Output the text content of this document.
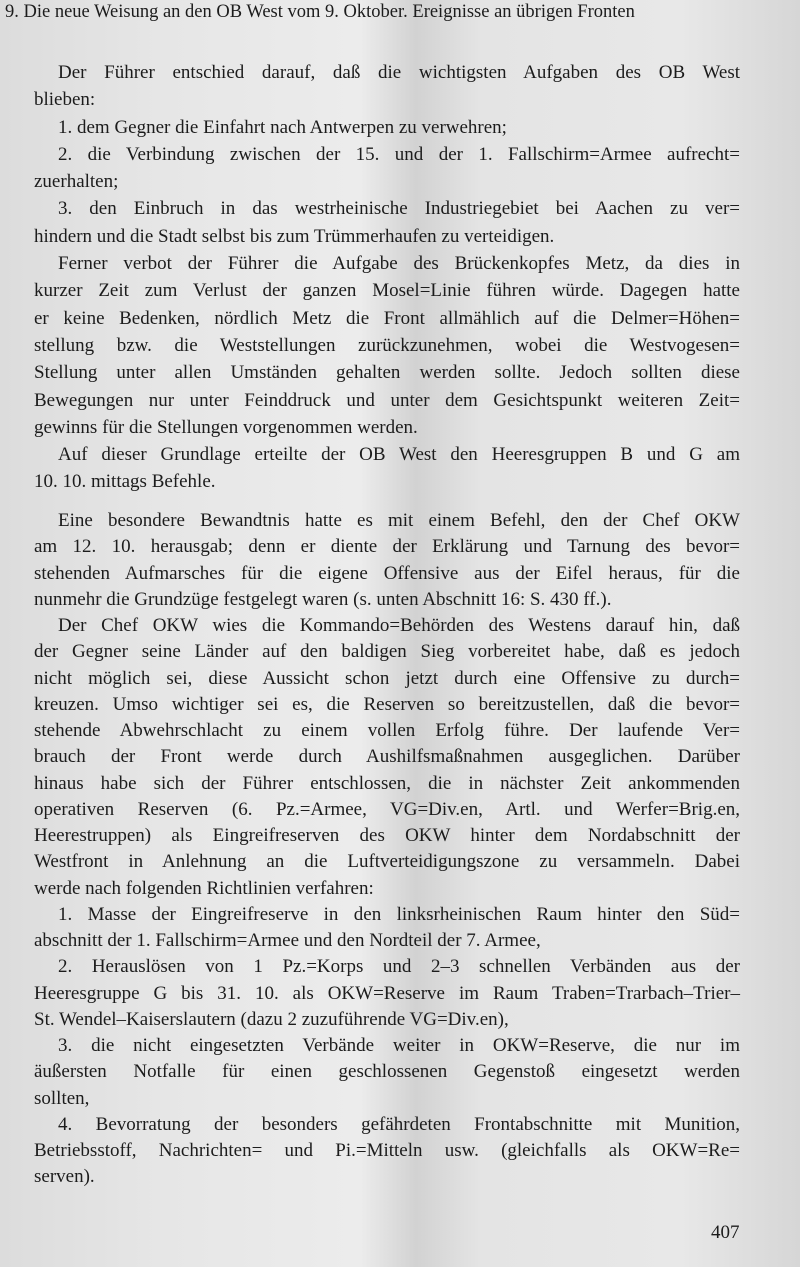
9. Die neue Weisung an den OB West vom 9. Oktober. Ereignisse an übrigen Fronten
Der Führer entschied darauf, daß die wichtigsten Aufgaben des OB West
blieben:
1. dem Gegner die Einfahrt nach Antwerpen zu verwehren;
2. die Verbindung zwischen der 15. und der 1. Fallschirm=Armee aufrecht=
zuerhalten;
3. den Einbruch in das westrheinische Industriegebiet bei Aachen zu ver=
hindern und die Stadt selbst bis zum Trümmerhaufen zu verteidigen.
Ferner verbot der Führer die Aufgabe des Brückenkopfes Metz, da dies in
kurzer Zeit zum Verlust der ganzen Mosel=Linie führen würde. Dagegen hatte
er keine Bedenken, nördlich Metz die Front allmählich auf die Delmer=Höhen=
stellung bzw. die Weststellungen zurückzunehmen, wobei die Westvogesen=
Stellung unter allen Umständen gehalten werden sollte. Jedoch sollten diese
Bewegungen nur unter Feinddruck und unter dem Gesichtspunkt weiteren Zeit=
gewinns für die Stellungen vorgenommen werden.
Auf dieser Grundlage erteilte der OB West den Heeresgruppen B und G am
10. 10. mittags Befehle.
Eine besondere Bewandtnis hatte es mit einem Befehl, den der Chef OKW
am 12. 10. herausgab; denn er diente der Erklärung und Tarnung des bevor=
stehenden Aufmarsches für die eigene Offensive aus der Eifel heraus, für die
nunmehr die Grundzüge festgelegt waren (s. unten Abschnitt 16: S. 430 ff.).
Der Chef OKW wies die Kommando=Behörden des Westens darauf hin, daß
der Gegner seine Länder auf den baldigen Sieg vorbereitet habe, daß es jedoch
nicht möglich sei, diese Aussicht schon jetzt durch eine Offensive zu durch=
kreuzen. Umso wichtiger sei es, die Reserven so bereitzustellen, daß die bevor=
stehende Abwehrschlacht zu einem vollen Erfolg führe. Der laufende Ver=
brauch der Front werde durch Aushilfsmaßnahmen ausgeglichen. Darüber
hinaus habe sich der Führer entschlossen, die in nächster Zeit ankommenden
operativen Reserven (6. Pz.=Armee, VG=Div.en, Artl. und Werfer=Brig.en,
Heerestruppen) als Eingreifreserven des OKW hinter dem Nordabschnitt der
Westfront in Anlehnung an die Luftverteidigungszone zu versammeln. Dabei
werde nach folgenden Richtlinien verfahren:
1. Masse der Eingreifreserve in den linksrheinischen Raum hinter den Süd=
abschnitt der 1. Fallschirm=Armee und den Nordteil der 7. Armee,
2. Herauslösen von 1 Pz.=Korps und 2–3 schnellen Verbänden aus der
Heeresgruppe G bis 31. 10. als OKW=Reserve im Raum Traben=Trarbach–Trier–
St. Wendel–Kaiserslautern (dazu 2 zuzuführende VG=Div.en),
3. die nicht eingesetzten Verbände weiter in OKW=Reserve, die nur im
äußersten Notfalle für einen geschlossenen Gegenstoß eingesetzt werden
sollten,
4. Bevorratung der besonders gefährdeten Frontabschnitte mit Munition,
Betriebsstoff, Nachrichten= und Pi.=Mitteln usw. (gleichfalls als OKW=Re=
serven).
407
